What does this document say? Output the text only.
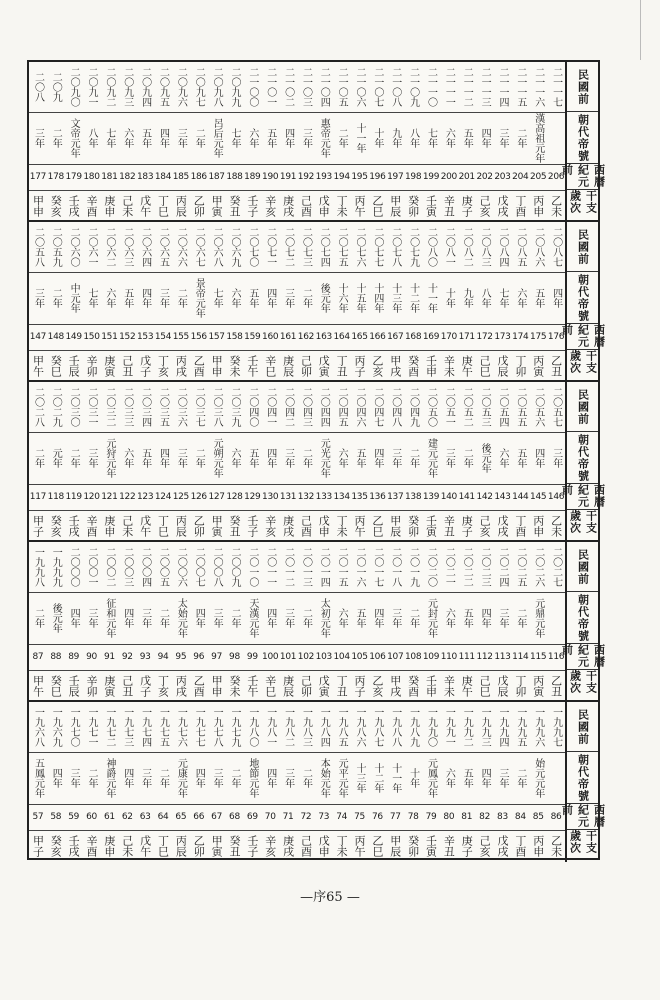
民國前
朝代帝號
西曆紀元前
干支歲次
二〇八
三年
177
甲申
二〇九
二年
178
癸亥
二〇九〇
文帝元年
179
壬戌
二〇九一
八年
180
辛酉
二〇九二
七年
181
庚申
二〇九三
六年
182
己未
二〇九四
五年
183
戊午
二〇九五
四年
184
丁巳
二〇九六
三年
185
丙辰
二〇九七
二年
186
乙卯
二〇九八
呂后元年
187
甲寅
二〇九九
七年
188
癸丑
二一〇〇
六年
189
壬子
二一〇一
五年
190
辛亥
二一〇二
四年
191
庚戌
二一〇三
三年
192
己酉
二一〇四
惠帝元年
193
戊申
二一〇五
二年
194
丁未
二一〇六
十一年
195
丙午
二一〇七
十年
196
乙巳
二一〇八
九年
197
甲辰
二一〇九
八年
198
癸卯
二一一〇
七年
199
壬寅
二一一一
六年
200
辛丑
二一一二
五年
201
庚子
二一一三
四年
202
己亥
二一一四
三年
203
戊戌
二一一五
二年
204
丁酉
二一一六
漢高祖元年
205
丙申
二一一七
206
乙未
民國前
朝代帝號
西曆紀元前
干支歲次
二〇五八
三年
147
甲午
二〇五九
二年
148
癸巳
二〇六〇
中元年
149
壬辰
二〇六一
七年
150
辛卯
二〇六二
六年
151
庚寅
二〇六三
五年
152
己丑
二〇六四
四年
153
戊子
二〇六五
三年
154
丁亥
二〇六六
二年
155
丙戌
二〇六七
景帝元年
156
乙酉
二〇六八
七年
157
甲申
二〇六九
六年
158
癸未
二〇七〇
五年
159
壬午
二〇七一
四年
160
辛巳
二〇七二
三年
161
庚辰
二〇七三
二年
162
己卯
二〇七四
後元年
163
戊寅
二〇七五
十六年
164
丁丑
二〇七六
十五年
165
丙子
二〇七七
十四年
166
乙亥
二〇七八
十三年
167
甲戌
二〇七九
十二年
168
癸酉
二〇八〇
十一年
169
壬申
二〇八一
十年
170
辛未
二〇八二
九年
171
庚午
二〇八三
八年
172
己巳
二〇八四
七年
173
戊辰
二〇八五
六年
174
丁卯
二〇八六
五年
175
丙寅
二〇八七
四年
176
乙丑
民國前
朝代帝號
西曆紀元前
干支歲次
二〇二八
二年
117
甲子
二〇二九
元年
118
癸亥
二〇三〇
二年
119
壬戌
二〇三一
三年
120
辛酉
二〇三二
元狩元年
121
庚申
二〇三三
六年
122
己未
二〇三四
五年
123
戊午
二〇三五
四年
124
丁巳
二〇三六
三年
125
丙辰
二〇三七
二年
126
乙卯
二〇三八
元朔元年
127
甲寅
二〇三九
六年
128
癸丑
二〇四〇
五年
129
壬子
二〇四一
四年
130
辛亥
二〇四二
三年
131
庚戌
二〇四三
二年
132
己酉
二〇四四
元光元年
133
戊申
二〇四五
六年
134
丁未
二〇四六
五年
135
丙午
二〇四七
四年
136
乙巳
二〇四八
三年
137
甲辰
二〇四九
二年
138
癸卯
二〇五〇
建元元年
139
壬寅
二〇五一
三年
140
辛丑
二〇五二
二年
141
庚子
二〇五三
後元年
142
己亥
二〇五四
六年
143
戊戌
二〇五五
五年
144
丁酉
二〇五六
四年
145
丙申
二〇五七
三年
146
乙未
民國前
朝代帝號
西曆紀元前
干支歲次
一九九八
二年
87
甲午
一九九九
後元年
88
癸巳
二〇〇〇
四年
89
壬辰
二〇〇一
三年
90
辛卯
二〇〇二
征和元年
91
庚寅
二〇〇三
四年
92
己丑
二〇〇四
三年
93
戊子
二〇〇五
二年
94
丁亥
二〇〇六
太始元年
95
丙戌
二〇〇七
四年
96
乙酉
二〇〇八
三年
97
甲申
二〇〇九
二年
98
癸未
二〇一〇
天漢元年
99
壬午
二〇一一
四年
100
辛巳
二〇一二
三年
101
庚辰
二〇一三
二年
102
己卯
二〇一四
太初元年
103
戊寅
二〇一五
六年
104
丁丑
二〇一六
五年
105
丙子
二〇一七
四年
106
乙亥
二〇一八
三年
107
甲戌
二〇一九
二年
108
癸酉
二〇二〇
元封元年
109
壬申
二〇二一
六年
110
辛未
二〇二二
五年
111
庚午
二〇二三
四年
112
己巳
二〇二四
三年
113
戊辰
二〇二五
二年
114
丁卯
二〇二六
元鼎元年
115
丙寅
二〇二七
116
乙丑
民國前
朝代帝號
西曆紀元前
干支歲次
一九六八
五鳳元年
57
甲子
一九六九
四年
58
癸亥
一九七〇
三年
59
壬戌
一九七一
二年
60
辛酉
一九七二
神爵元年
61
庚申
一九七三
四年
62
己未
一九七四
三年
63
戊午
一九七五
二年
64
丁巳
一九七六
元康元年
65
丙辰
一九七七
四年
66
乙卯
一九七八
三年
67
甲寅
一九七九
二年
68
癸丑
一九八〇
地節元年
69
壬子
一九八一
四年
70
辛亥
一九八二
三年
71
庚戌
一九八三
二年
72
己酉
一九八四
本始元年
73
戊申
一九八五
元平元年
74
丁未
一九八六
十三年
75
丙午
一九八七
十二年
76
乙巳
一九八八
十一年
77
甲辰
一九八九
十年
78
癸卯
一九九〇
元鳳元年
79
壬寅
一九九一
六年
80
辛丑
一九九二
五年
81
庚子
一九九三
四年
82
己亥
一九九四
三年
83
戊戌
一九九五
二年
84
丁酉
一九九六
始元元年
85
丙申
一九九七
86
乙未
—序65 —
